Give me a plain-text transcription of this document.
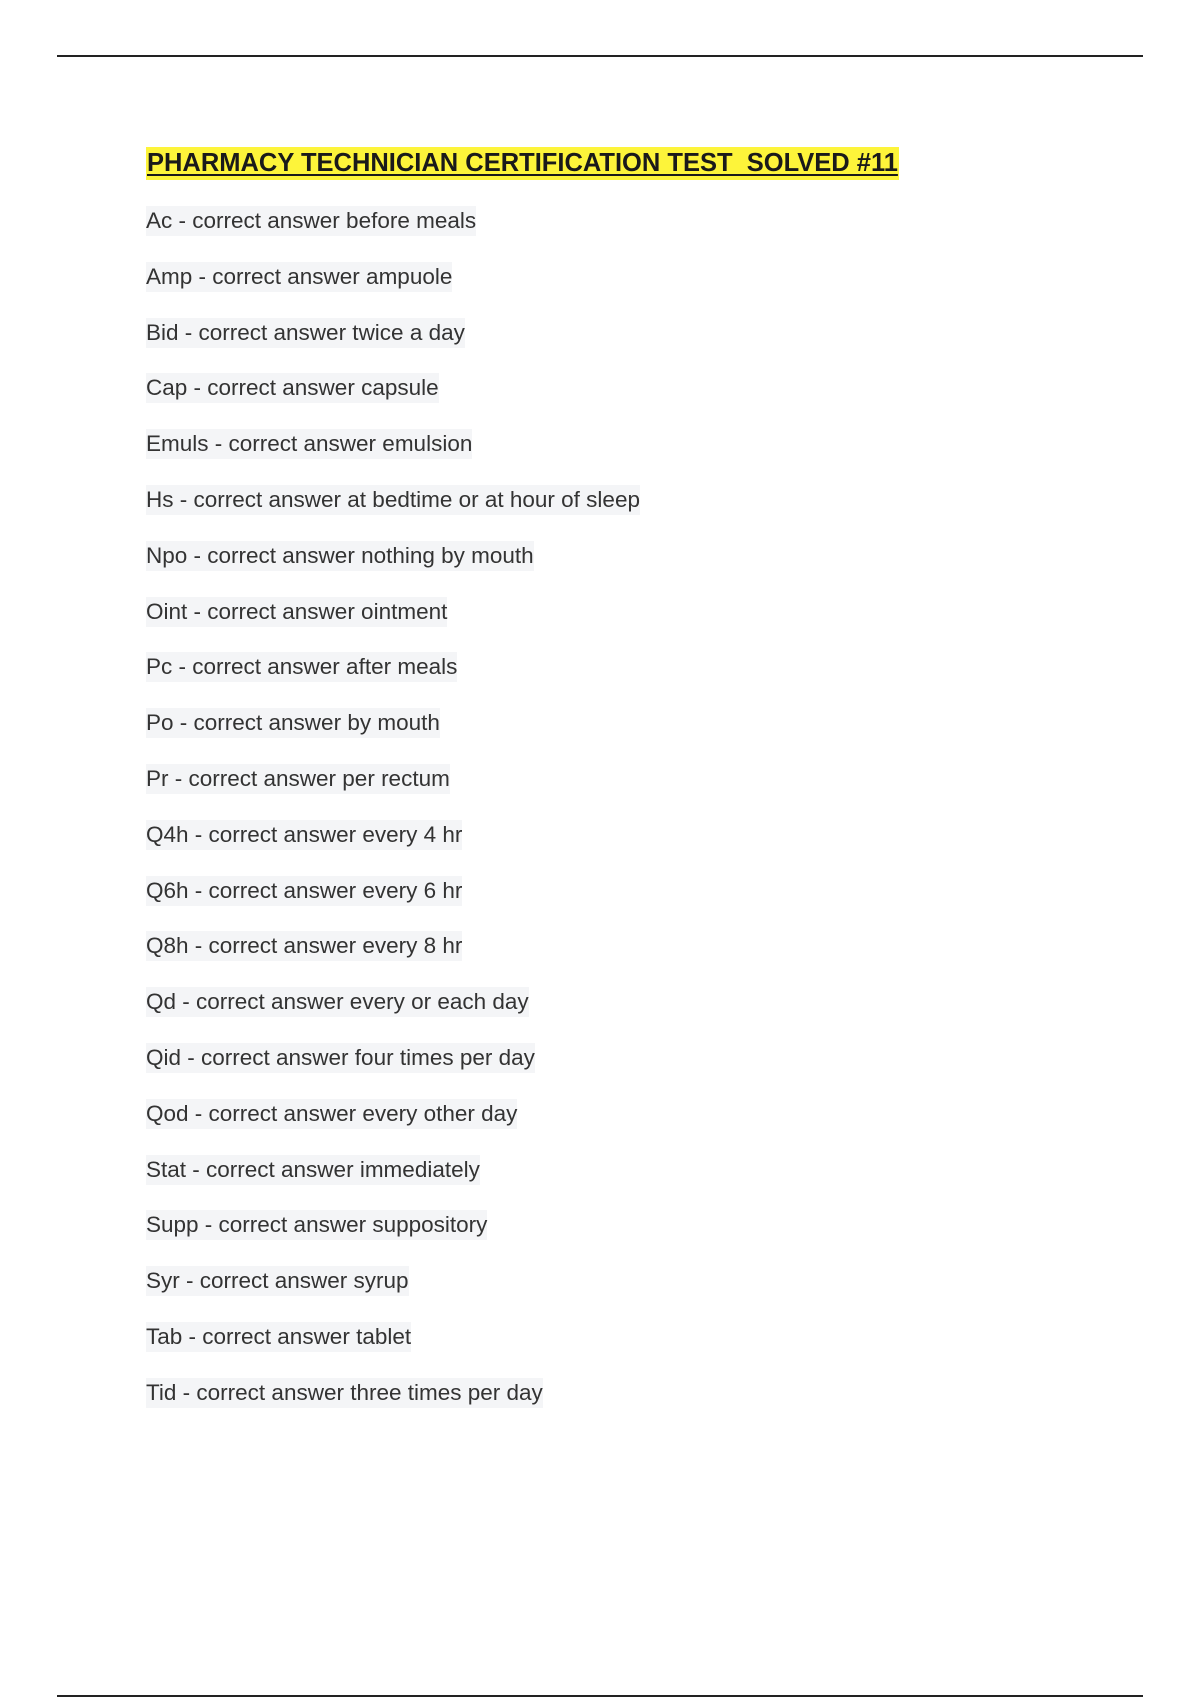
PHARMACY TECHNICIAN CERTIFICATION TEST  SOLVED #11
Ac - correct answer before meals
Amp - correct answer ampuole
Bid - correct answer twice a day
Cap - correct answer capsule
Emuls - correct answer emulsion
Hs - correct answer at bedtime or at hour of sleep
Npo - correct answer nothing by mouth
Oint - correct answer ointment
Pc - correct answer after meals
Po - correct answer by mouth
Pr - correct answer per rectum
Q4h - correct answer every 4 hr
Q6h - correct answer every 6 hr
Q8h - correct answer every 8 hr
Qd - correct answer every or each day
Qid - correct answer four times per day
Qod - correct answer every other day
Stat - correct answer immediately
Supp - correct answer suppository
Syr - correct answer syrup
Tab - correct answer tablet
Tid - correct answer three times per day
